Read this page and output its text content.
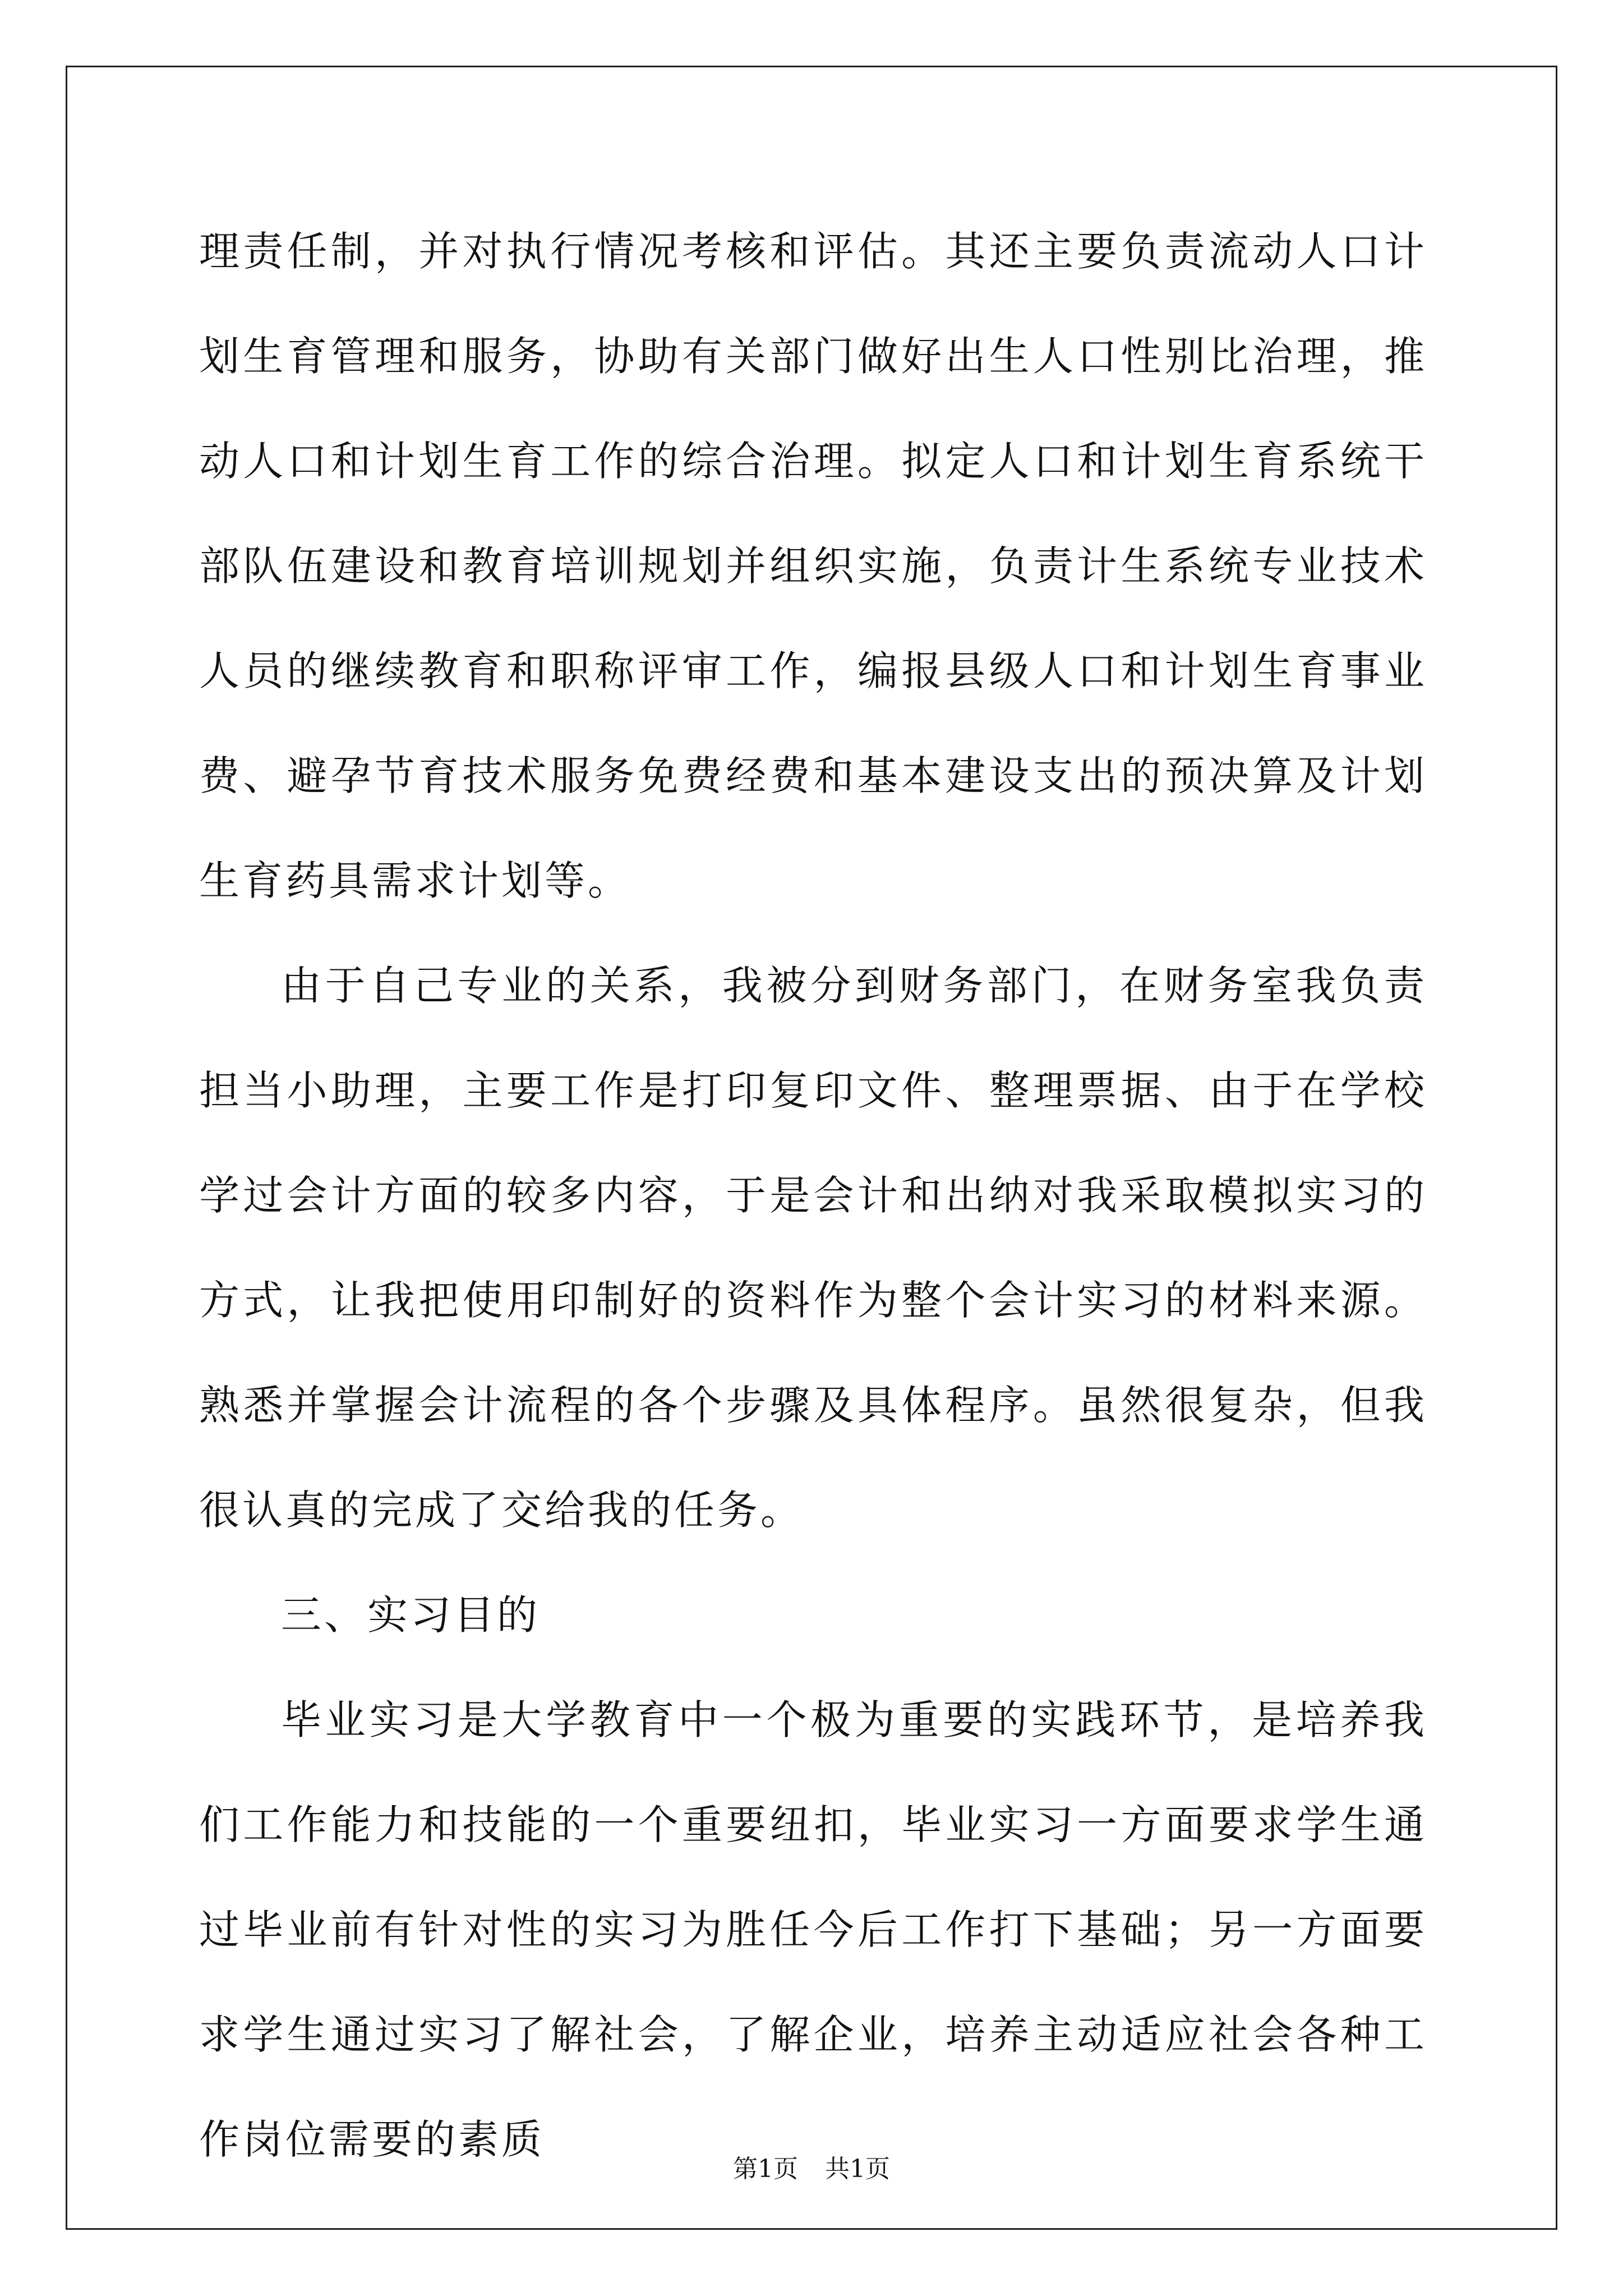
理责任制，并对执行情况考核和评估。其还主要负责流动人口计划生育管理和服务，协助有关部门做好出生人口性别比治理，推动人口和计划生育工作的综合治理。拟定人口和计划生育系统干部队伍建设和教育培训规划并组织实施，负责计生系统专业技术人员的继续教育和职称评审工作，编报县级人口和计划生育事业费、避孕节育技术服务免费经费和基本建设支出的预决算及计划生育药具需求计划等。

由于自己专业的关系，我被分到财务部门，在财务室我负责担当小助理，主要工作是打印复印文件、整理票据、由于在学校学过会计方面的较多内容，于是会计和出纳对我采取模拟实习的方式，让我把使用印制好的资料作为整个会计实习的材料来源。熟悉并掌握会计流程的各个步骤及具体程序。虽然很复杂，但我很认真的完成了交给我的任务。

三、实习目的

毕业实习是大学教育中一个极为重要的实践环节，是培养我们工作能力和技能的一个重要纽扣，毕业实习一方面要求学生通过毕业前有针对性的实习为胜任今后工作打下基础；另一方面要求学生通过实习了解社会，了解企业，培养主动适应社会各种工作岗位需要的素质

第1页 共1页
